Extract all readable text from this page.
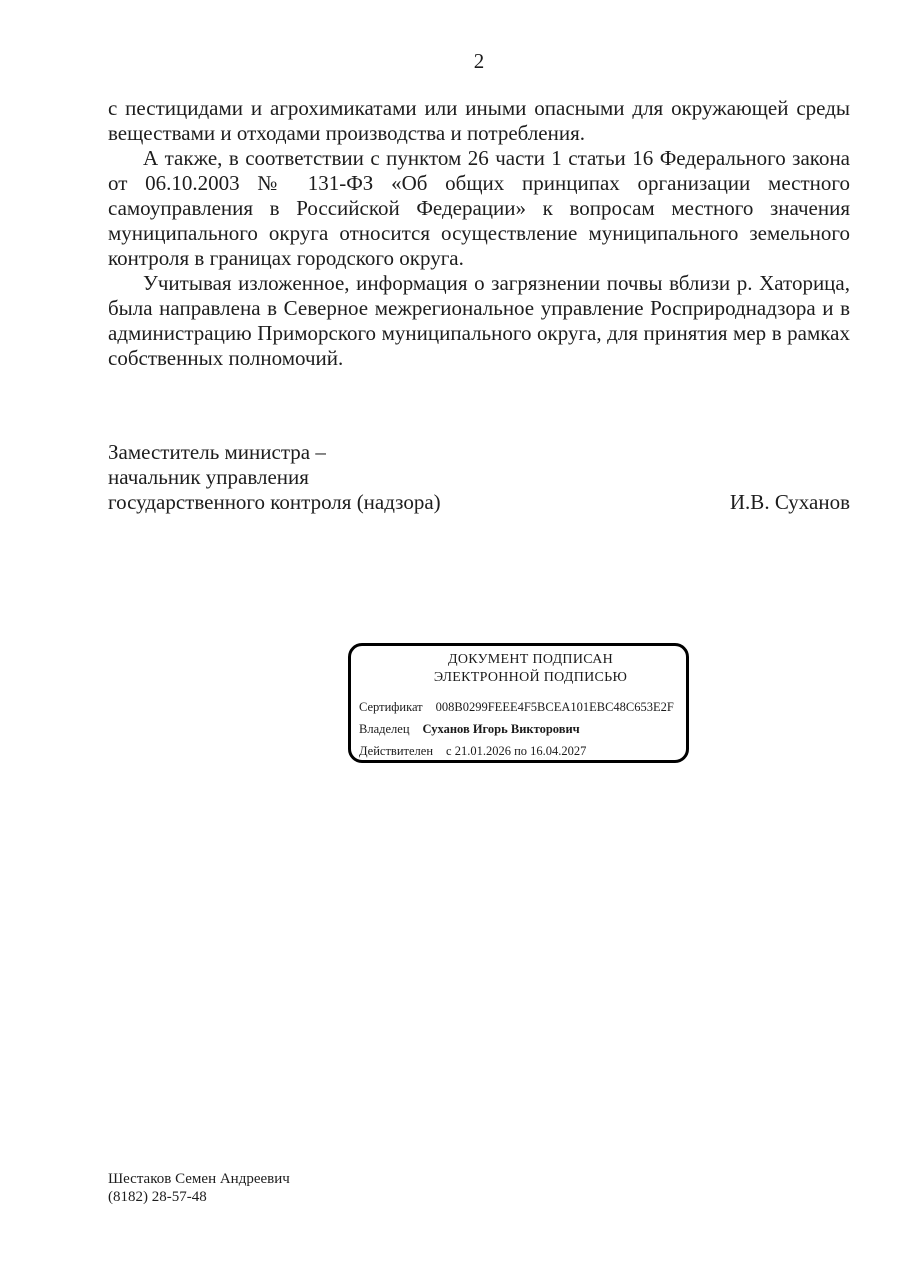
2

с пестицидами и агрохимикатами или иными опасными для окружающей среды веществами и отходами производства и потребления.

А также, в соответствии с пунктом 26 части 1 статьи 16 Федерального закона от 06.10.2003 № 131-ФЗ «Об общих принципах организации местного самоуправления в Российской Федерации» к вопросам местного значения муниципального округа относится осуществление муниципального земельного контроля в границах городского округа.

Учитывая изложенное, информация о загрязнении почвы вблизи р. Хаторица, была направлена в Северное межрегиональное управление Росприроднадзора и в администрацию Приморского муниципального округа, для принятия мер в рамках собственных полномочий.

Заместитель министра –
начальник управления
государственного контроля (надзора)	И.В. Суханов
ДОКУМЕНТ ПОДПИСАН
ЭЛЕКТРОННОЙ ПОДПИСЬЮ
Сертификат 008B0299FEEE4F5BCEA101EBC48C653E2F
Владелец Суханов Игорь Викторович
Действителен с 21.01.2026 по 16.04.2027
Шестаков Семен Андреевич
(8182) 28-57-48
